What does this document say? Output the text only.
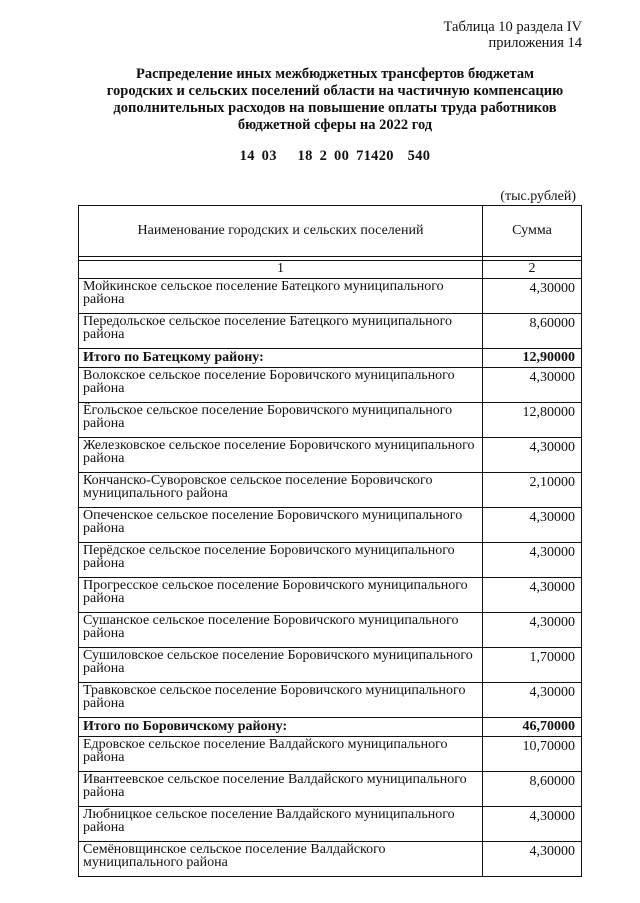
Таблица 10 раздела IV
приложения 14
Распределение иных межбюджетных трансфертов бюджетам
городских и сельских поселений области на частичную компенсацию
дополнительных расходов на повышение оплаты труда работников
бюджетной сферы на 2022 год
14 03   18 2 00 71420  540
(тыс.рублей)
Наименование городских и сельских поселений	Сумма

1	2
Мойкинское сельское поселение Батецкого муниципального района	4,30000
Передольское сельское поселение Батецкого муниципального района	8,60000
Итого по Батецкому району:	12,90000
Волокское сельское поселение Боровичского муниципального района	4,30000
Ёгольское сельское поселение Боровичского муниципального района	12,80000
Железковское сельское поселение Боровичского муниципального района	4,30000
Кончанско-Суворовское сельское поселение Боровичского муниципального района	2,10000
Опеченское сельское поселение Боровичского муниципального района	4,30000
Перёдское сельское поселение Боровичского муниципального района	4,30000
Прогресское сельское поселение Боровичского муниципального района	4,30000
Сушанское сельское поселение Боровичского муниципального района	4,30000
Сушиловское сельское поселение Боровичского муниципального района	1,70000
Травковское сельское поселение Боровичского муниципального района	4,30000
Итого по Боровичскому району:	46,70000
Едровское сельское поселение Валдайского муниципального района	10,70000
Ивантеевское сельское поселение Валдайского муниципального района	8,60000
Любницкое сельское поселение Валдайского муниципального района	4,30000
Семёновщинское сельское поселение Валдайского муниципального района	4,30000
